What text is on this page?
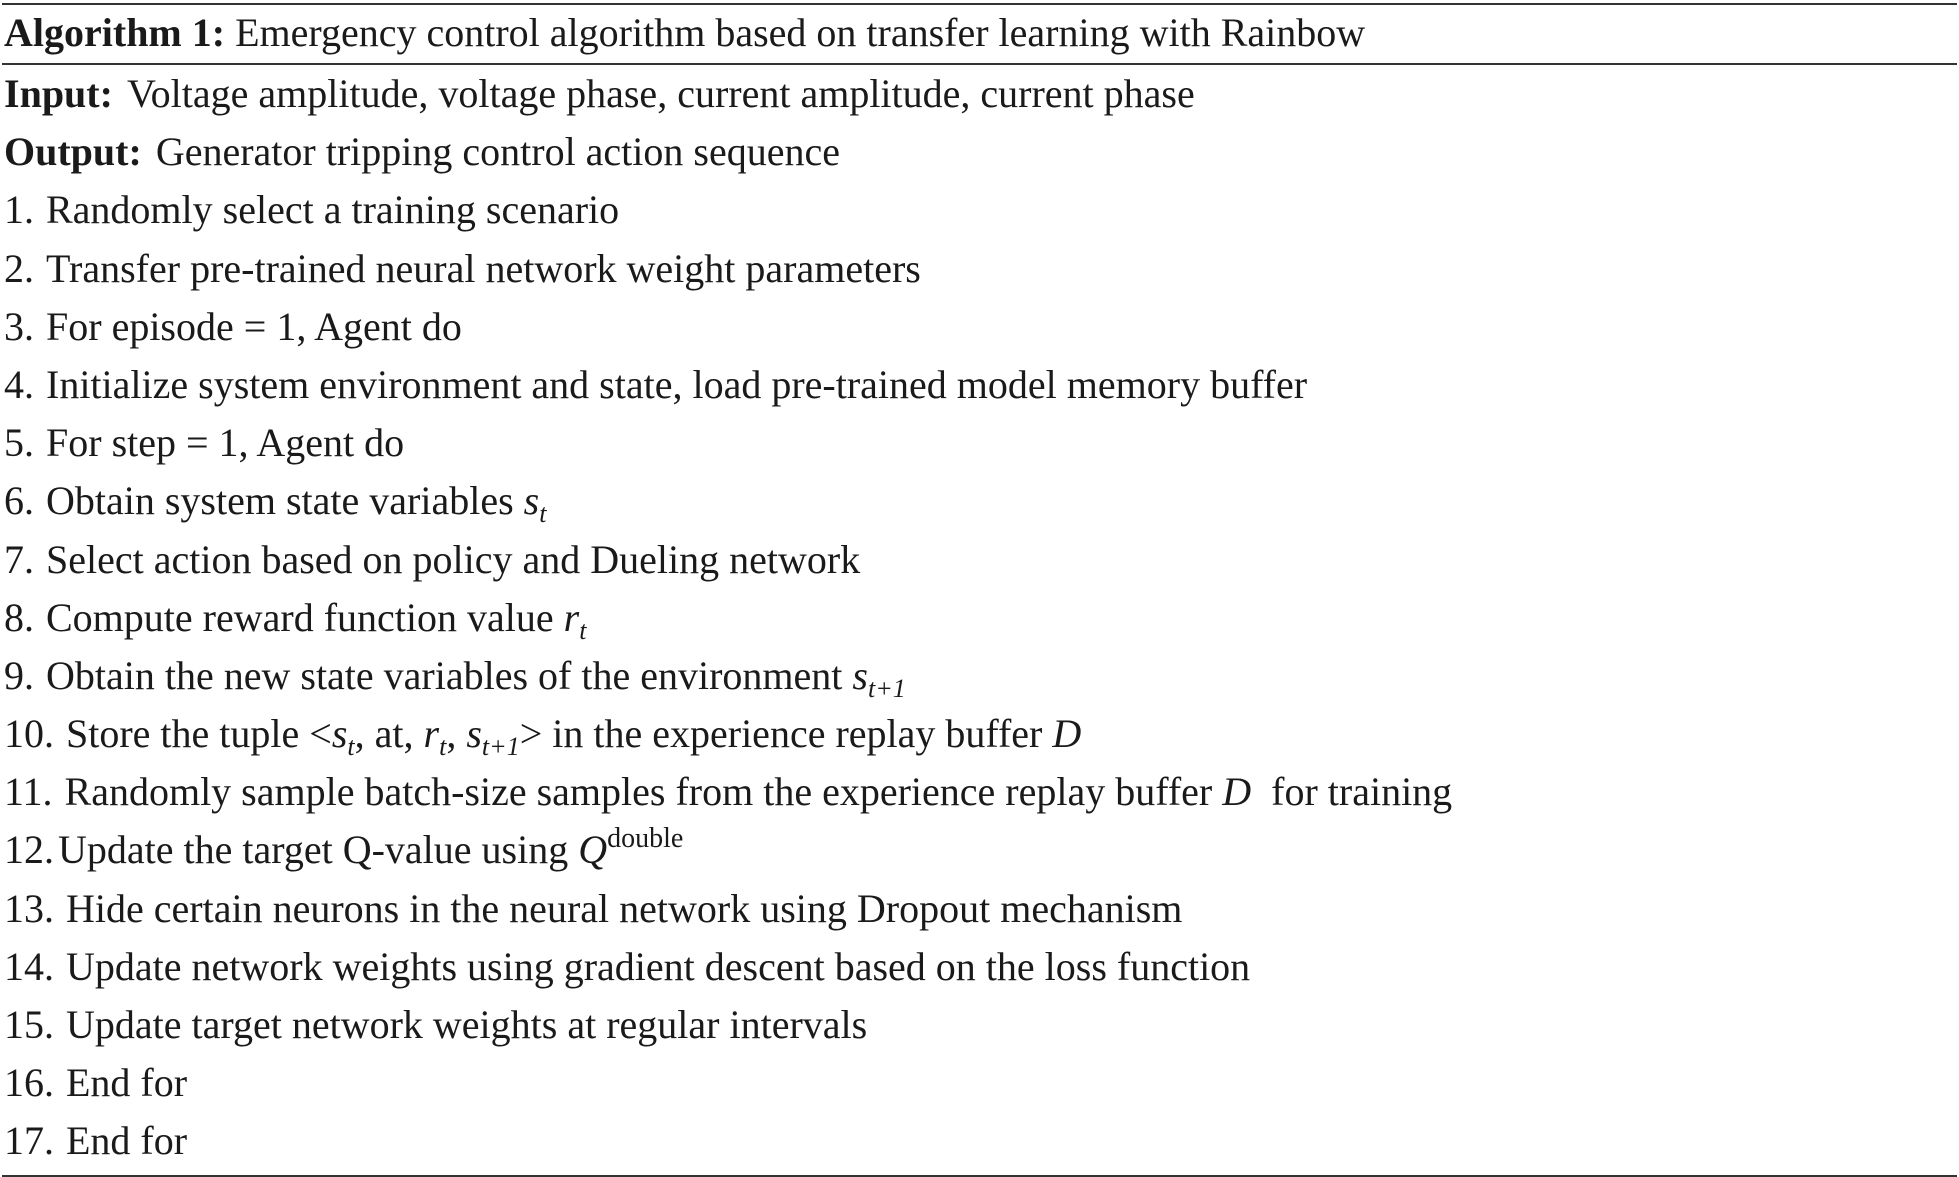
Algorithm 1: Emergency control algorithm based on transfer learning with Rainbow
Input: Voltage amplitude, voltage phase, current amplitude, current phase
Output: Generator tripping control action sequence
1. Randomly select a training scenario
2. Transfer pre-trained neural network weight parameters
3. For episode = 1, Agent do
4. Initialize system environment and state, load pre-trained model memory buffer
5. For step = 1, Agent do
6. Obtain system state variables $s_t$
7. Select action based on policy and Dueling network
8. Compute reward function value $r_t$
9. Obtain the new state variables of the environment $s_{t+1}$
10. Store the tuple $<s_t$, at, $r_t$, $s_{t+1}>$ in the experience replay buffer D
11. Randomly sample batch-size samples from the experience replay buffer D for training
12. Update the target Q-value using $Q^{double}$
13. Hide certain neurons in the neural network using Dropout mechanism
14. Update network weights using gradient descent based on the loss function
15. Update target network weights at regular intervals
16. End for
17. End for
